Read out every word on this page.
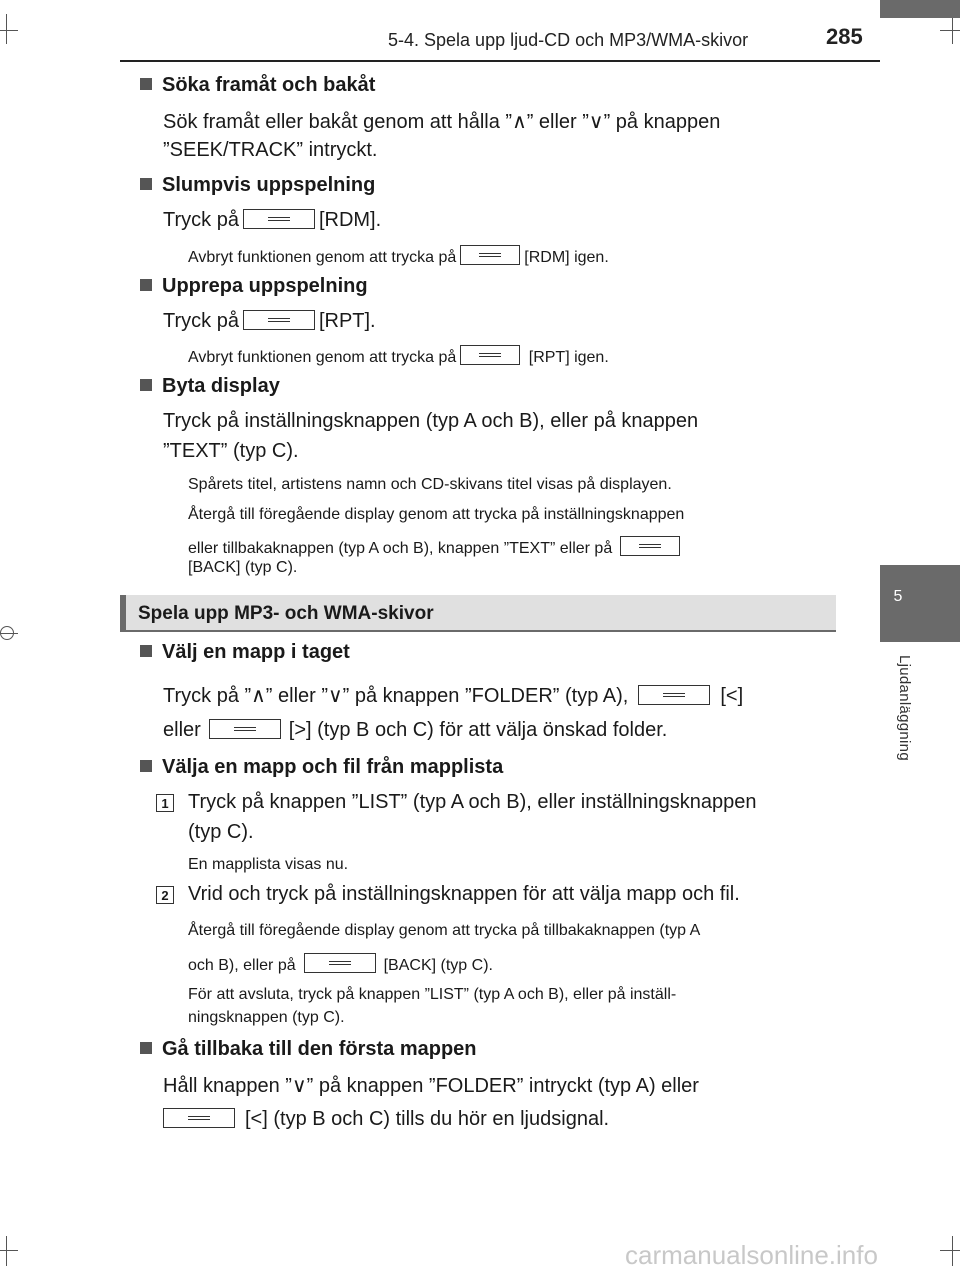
5-4. Spela upp ljud-CD och MP3/WMA-skivor	285
5
Ljudanläggning
Söka framåt och bakåt
Sök framåt eller bakåt genom att hålla ”∧” eller ”∨” på knappen
”SEEK/TRACK” intryckt.
Slumpvis uppspelning
Tryck på	[RDM].
Avbryt funktionen genom att trycka på	[RDM] igen.
Upprepa uppspelning
Tryck på	[RPT].
Avbryt funktionen genom att trycka på	[RPT] igen.
Byta display
Tryck på inställningsknappen (typ A och B), eller på knappen
”TEXT” (typ C).
Spårets titel, artistens namn och CD-skivans titel visas på displayen.
Återgå till föregående display genom att trycka på inställningsknappen
eller tillbakaknappen (typ A och B), knappen ”TEXT” eller på
[BACK] (typ C).
Spela upp MP3- och WMA-skivor
Välj en mapp i taget
Tryck på ”∧” eller ”∨” på knappen ”FOLDER” (typ A),	[<]
eller	[>] (typ B och C) för att välja önskad folder.
Välja en mapp och fil från mapplista
1 Tryck på knappen ”LIST” (typ A och B), eller inställningsknappen
(typ C).
En mapplista visas nu.
2 Vrid och tryck på inställningsknappen för att välja mapp och fil.
Återgå till föregående display genom att trycka på tillbakaknappen (typ A
och B), eller på	[BACK] (typ C).
För att avsluta, tryck på knappen ”LIST” (typ A och B), eller på inställ-
ningsknappen (typ C).
Gå tillbaka till den första mappen
Håll knappen ”∨” på knappen ”FOLDER” intryckt (typ A) eller
[<] (typ B och C) tills du hör en ljudsignal.
carmanualsonline.info
